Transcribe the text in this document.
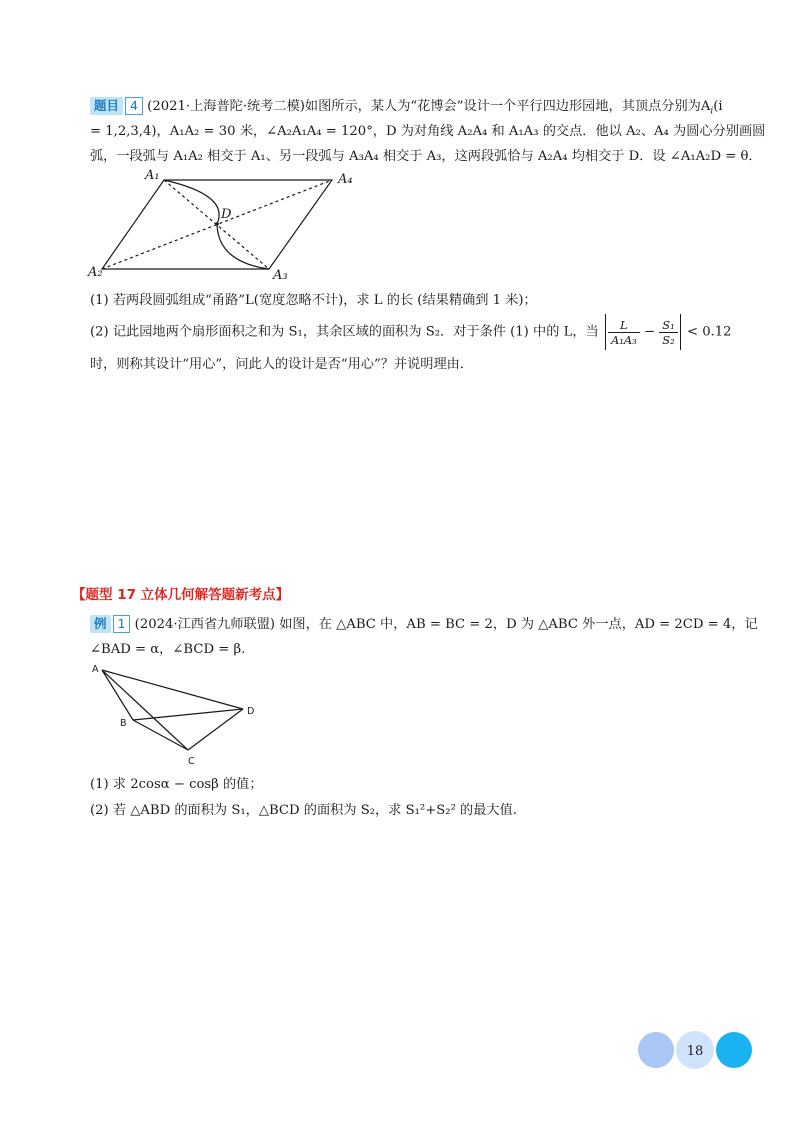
题目 4 (2021·上海普陀·统考二模)如图所示，某人为“花博会”设计一个平行四边形园地，其顶点分别为$A_i(i$
= 1,2,3,4)，A₁A₂ = 30 米，∠A₂A₁A₄ = 120°，D 为对角线 A₂A₄ 和 A₁A₃ 的交点．他以 A₂、A₄ 为圆心分别画圆
弧，一段弧与 A₁A₂ 相交于 A₁、另一段弧与 A₃A₄ 相交于 A₃，这两段弧恰与 A₂A₄ 均相交于 D．设 ∠A₁A₂D = θ．
A₁	A₄
A₂	A₃
D
(1) 若两段圆弧组成“甬路”L(宽度忽略不计)，求 L 的长 (结果精确到 1 米)；
(2) 记此园地两个扇形面积之和为 S₁，其余区域的面积为 S₂．对于条件 (1) 中的 L，当 $\frac{L}{\text{A₁A₃}} - \frac{\text{S₁}}{\text{S₂}} < 0.12$
时，则称其设计“用心”，问此人的设计是否“用心”？并说明理由．
【题型 17 立体几何解答题新考点】
例 1 (2024·江西省九师联盟) 如图，在 △ABC 中，AB = BC = 2，D 为 △ABC 外一点，AD = 2CD = 4，记
∠BAD = α，∠BCD = β.
A
B
C
D
(1) 求 2cosα − cosβ 的值；
(2) 若 △ABD 的面积为 S₁，△BCD 的面积为 S₂，求 S₁²+S₂² 的最大值.
18
